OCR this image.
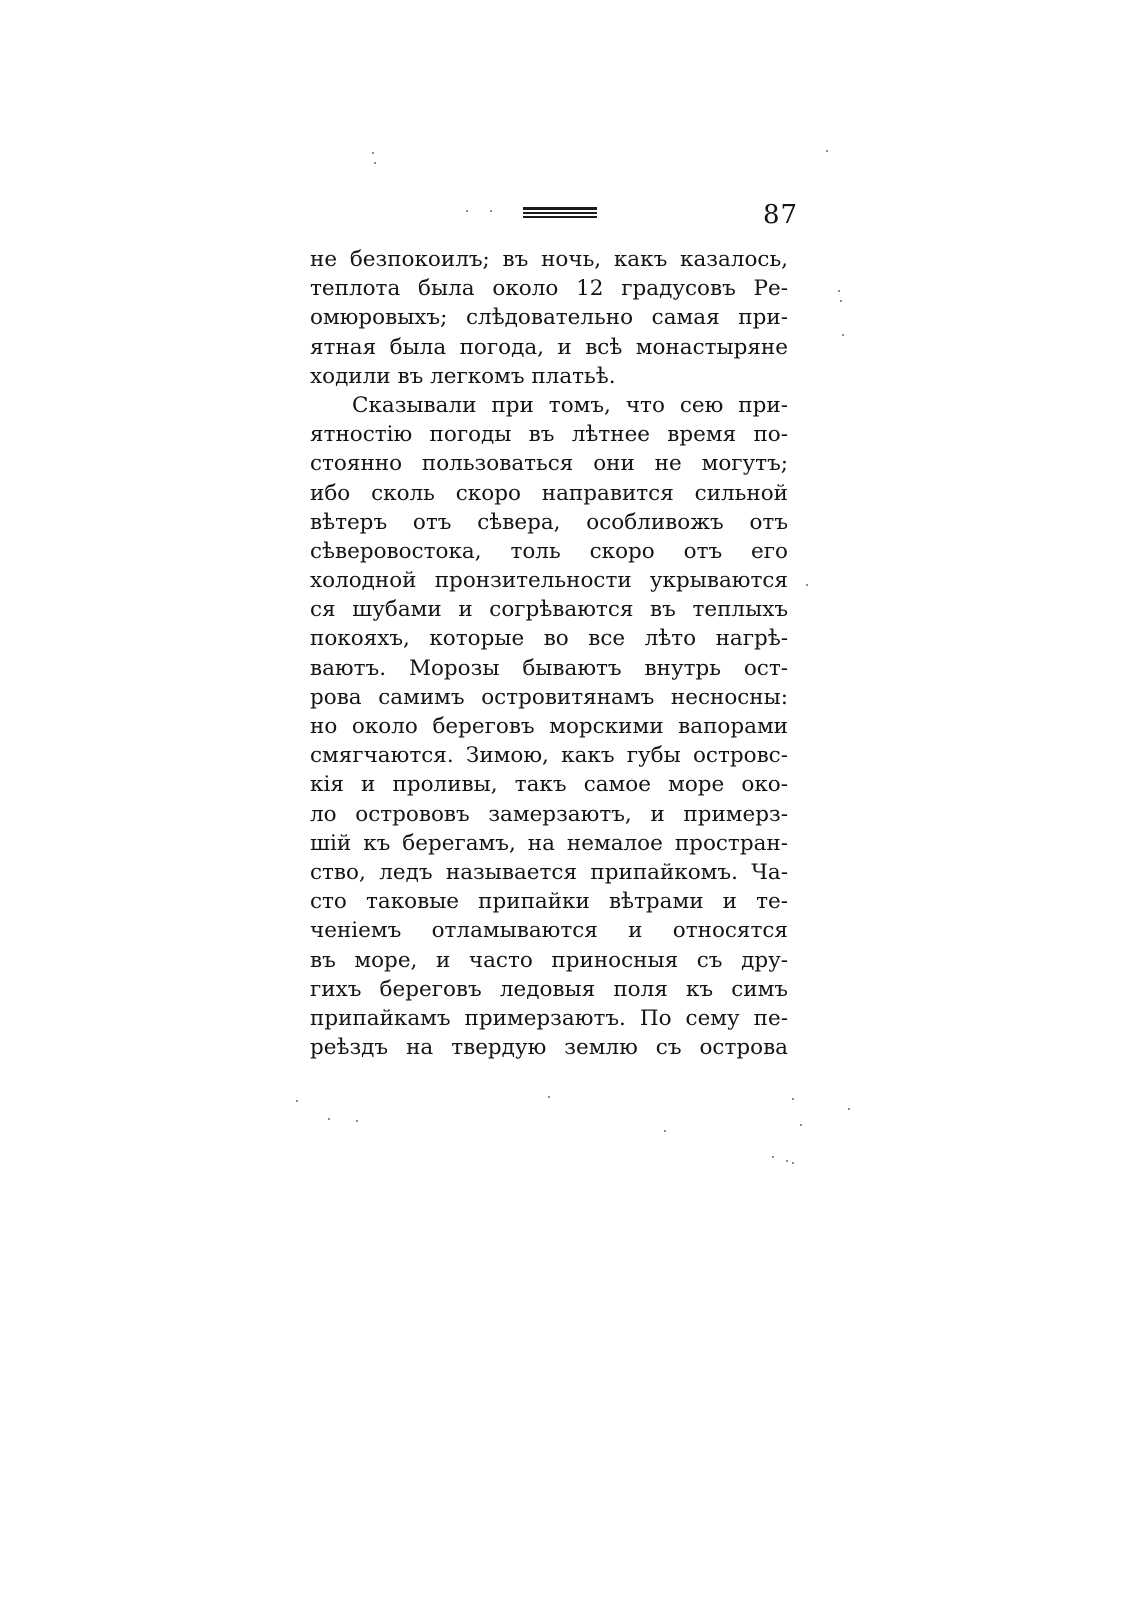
87
не безпокоилъ; въ ночь, какъ казалось,
теплота была около 12 градусовъ Ре-
омюровыхъ; слѣдовательно самая при-
ятная была погода, и всѣ монастыряне
ходили въ легкомъ платьѣ.
Сказывали при томъ, что сею при-
ятностію погоды въ лѣтнее время по-
стоянно пользоваться они не могутъ;
ибо сколь скоро направится сильной
вѣтеръ отъ сѣвера, особливожъ отъ
сѣверовостока, толь скоро отъ его
холодной пронзительности укрываются
ся шубами и согрѣваются въ теплыхъ
покояхъ, которые во все лѣто нагрѣ-
ваютъ. Морозы бываютъ внутрь ост-
рова самимъ островитянамъ несносны:
но около береговъ морскими вапорами
смягчаются. Зимою, какъ губы островс-
кія и проливы, такъ самое море око-
ло острововъ замерзаютъ, и примерз-
шій къ берегамъ, на немалое простран-
ство, ледъ называется припайкомъ. Ча-
сто таковые припайки вѣтрами и те-
ченіемъ отламываются и относятся
въ море, и часто приносныя съ дру-
гихъ береговъ ледовыя поля къ симъ
припайкамъ примерзаютъ. По сему пе-
реѣздъ на твердую землю съ острова
